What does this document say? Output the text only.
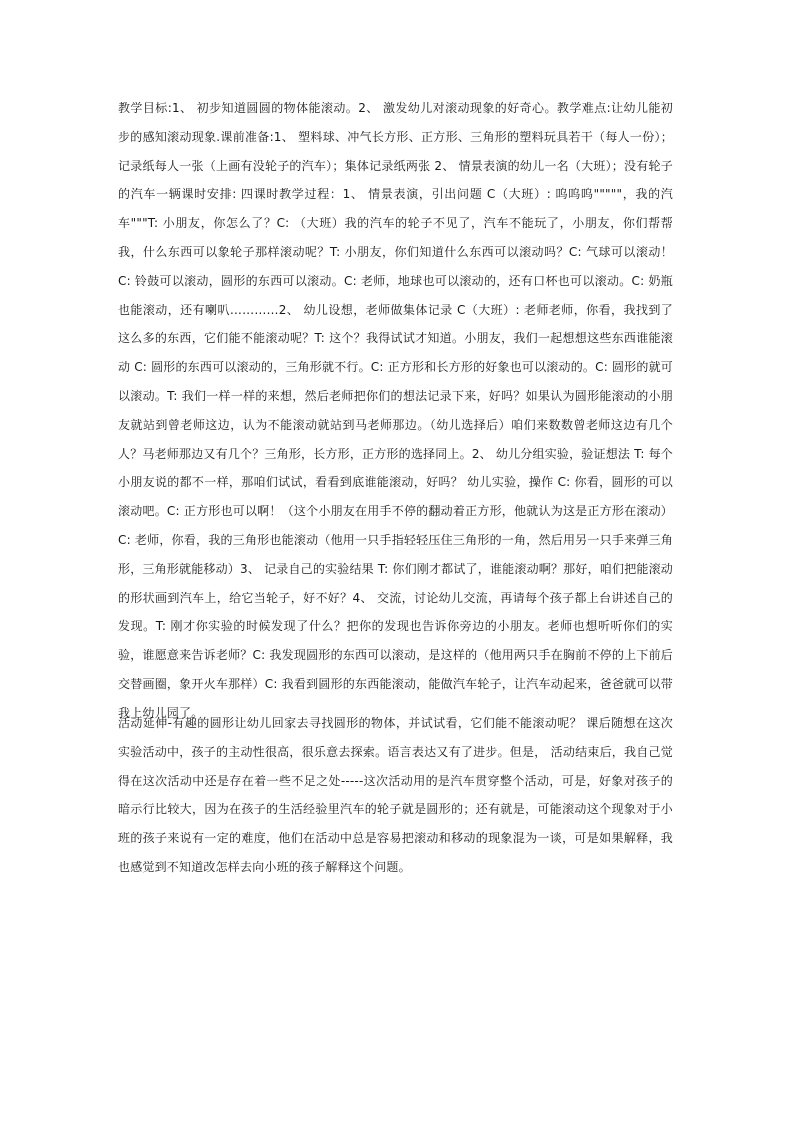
教学目标:1、 初步知道圆圆的物体能滚动。2、 激发幼儿对滚动现象的好奇心。教学难点:让幼儿能初步的感知滚动现象.课前准备:1、 塑料球、冲气长方形、正方形、三角形的塑料玩具若干（每人一份）；记录纸每人一张（上画有没轮子的汽车）；集体记录纸两张 2、 情景表演的幼儿一名（大班）；没有轮子的汽车一辆课时安排: 四课时教学过程：1、 情景表演，引出问题 C（大班）: 呜呜呜"""""，我的汽车"""T: 小朋友，你怎么了？C: （大班）我的汽车的轮子不见了，汽车不能玩了，小朋友，你们帮帮我，什么东西可以象轮子那样滚动呢？T: 小朋友，你们知道什么东西可以滚动吗？C: 气球可以滚动！C: 铃鼓可以滚动，圆形的东西可以滚动。C: 老师，地球也可以滚动的，还有口杯也可以滚动。C: 奶瓶也能滚动，还有喇叭…………2、 幼儿设想，老师做集体记录 C（大班）: 老师老师，你看，我找到了这么多的东西，它们能不能滚动呢？T: 这个？我得试试才知道。小朋友，我们一起想想这些东西谁能滚动 C: 圆形的东西可以滚动的，三角形就不行。C: 正方形和长方形的好象也可以滚动的。C: 圆形的就可以滚动。T: 我们一样一样的来想，然后老师把你们的想法记录下来，好吗？如果认为圆形能滚动的小朋友就站到曾老师这边，认为不能滚动就站到马老师那边。（幼儿选择后）咱们来数数曾老师这边有几个人？马老师那边又有几个？三角形，长方形，正方形的选择同上。2、 幼儿分组实验，验证想法 T: 每个小朋友说的都不一样，那咱们试试，看看到底谁能滚动，好吗？ 幼儿实验，操作 C: 你看，圆形的可以滚动吧。C: 正方形也可以啊！（这个小朋友在用手不停的翻动着正方形，他就认为这是正方形在滚动）C: 老师，你看，我的三角形也能滚动（他用一只手指轻轻压住三角形的一角，然后用另一只手来弹三角形，三角形就能移动）3、 记录自己的实验结果 T: 你们刚才都试了，谁能滚动啊？那好，咱们把能滚动的形状画到汽车上，给它当轮子，好不好？4、 交流，讨论幼儿交流，再请每个孩子都上台讲述自己的发现。T: 刚才你实验的时候发现了什么？把你的发现也告诉你旁边的小朋友。老师也想听听你们的实验，谁愿意来告诉老师？C: 我发现圆形的东西可以滚动，是这样的（他用两只手在胸前不停的上下前后交替画圈，象开火车那样）C: 我看到圆形的东西能滚动，能做汽车轮子，让汽车动起来，爸爸就可以带我上幼儿园了。

活动延伸-有趣的圆形让幼儿回家去寻找圆形的物体，并试试看，它们能不能滚动呢？ 课后随想在这次实验活动中，孩子的主动性很高，很乐意去探索。语言表达又有了进步。但是， 活动结束后，我自己觉得在这次活动中还是存在着一些不足之处-----这次活动用的是汽车贯穿整个活动，可是，好象对孩子的暗示行比较大，因为在孩子的生活经验里汽车的轮子就是圆形的；还有就是，可能滚动这个现象对于小班的孩子来说有一定的难度，他们在活动中总是容易把滚动和移动的现象混为一谈，可是如果解释，我也感觉到不知道改怎样去向小班的孩子解释这个问题。
